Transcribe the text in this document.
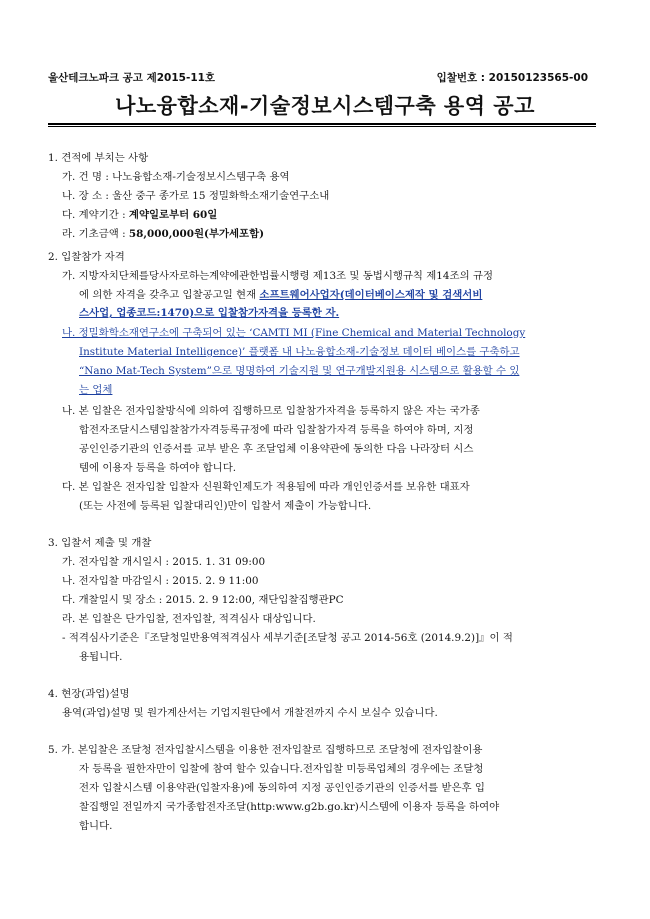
울산테크노파크 공고 제2015-11호	입찰번호 : 20150123565-00
나노융합소재-기술정보시스템구축 용역 공고
1. 견적에 부치는 사항
가. 건 명 : 나노융합소재-기술정보시스템구축 용역
나. 장 소 : 울산 중구 종가로 15 정밀화학소재기술연구소내
다. 계약기간 : 계약일로부터 60일
라. 기초금액 : 58,000,000원(부가세포함)
2. 입찰참가 자격
가. 지방자치단체를당사자로하는계약에관한법률시행령 제13조 및 동법시행규칙 제14조의 규정
에 의한 자격을 갖추고 입찰공고일 현재 소프트웨어사업자(데이터베이스제작 및 검색서비
스사업, 업종코드:1470)으로 입찰참가자격을 등록한 자.
나. 정밀화학소재연구소에 구축되어 있는 ‘CAMTI MI (Fine Chemical and Material Technology
Institute Material Intelligence)’ 플랫폼 내 나노융합소재-기술정보 데이터 베이스를 구축하고
“Nano Mat-Tech System”으로 명명하여 기술지원 및 연구개발지원용 시스템으로 활용할 수 있
는 업체
나. 본 입찰은 전자입찰방식에 의하여 집행하므로 입찰참가자격을 등록하지 않은 자는 국가종
합전자조달시스템입찰참가자격등록규정에 따라 입찰참가자격 등록을 하여야 하며, 지정
공인인증기관의 인증서를 교부 받은 후 조달업체 이용약관에 동의한 다음 나라장터 시스
템에 이용자 등록을 하여야 합니다.
다. 본 입찰은 전자입찰 입찰자 신원확인제도가 적용됨에 따라 개인인증서를 보유한 대표자
(또는 사전에 등록된 입찰대리인)만이 입찰서 제출이 가능합니다.
3. 입찰서 제출 및 개찰
가. 전자입찰 개시일시 : 2015. 1. 31 09:00
나. 전자입찰 마감일시 : 2015. 2. 9 11:00
다. 개찰일시 및 장소 : 2015. 2. 9 12:00, 재단입찰집행관PC
라. 본 입찰은 단가입찰, 전자입찰, 적격심사 대상입니다.
- 적격심사기준은『조달청일반용역적격심사 세부기준[조달청 공고 2014-56호 (2014.9.2)]』이 적
용됩니다.
4. 현장(과업)설명
용역(과업)설명 및 원가계산서는 기업지원단에서 개찰전까지 수시 보실수 있습니다.
5. 가. 본입찰은 조달청 전자입찰시스템을 이용한 전자입찰로 집행하므로 조달청에 전자입찰이용
자 등록을 필한자만이 입찰에 참여 할수 있습니다.전자입찰 미등록업체의 경우에는 조달청
전자 입찰시스템 이용약관(입찰자용)에 동의하여 지정 공인인증기관의 인증서를 받은후 입
찰집행일 전일까지 국가종합전자조달(http:www.g2b.go.kr)시스템에 이용자 등록을 하여야
합니다.
